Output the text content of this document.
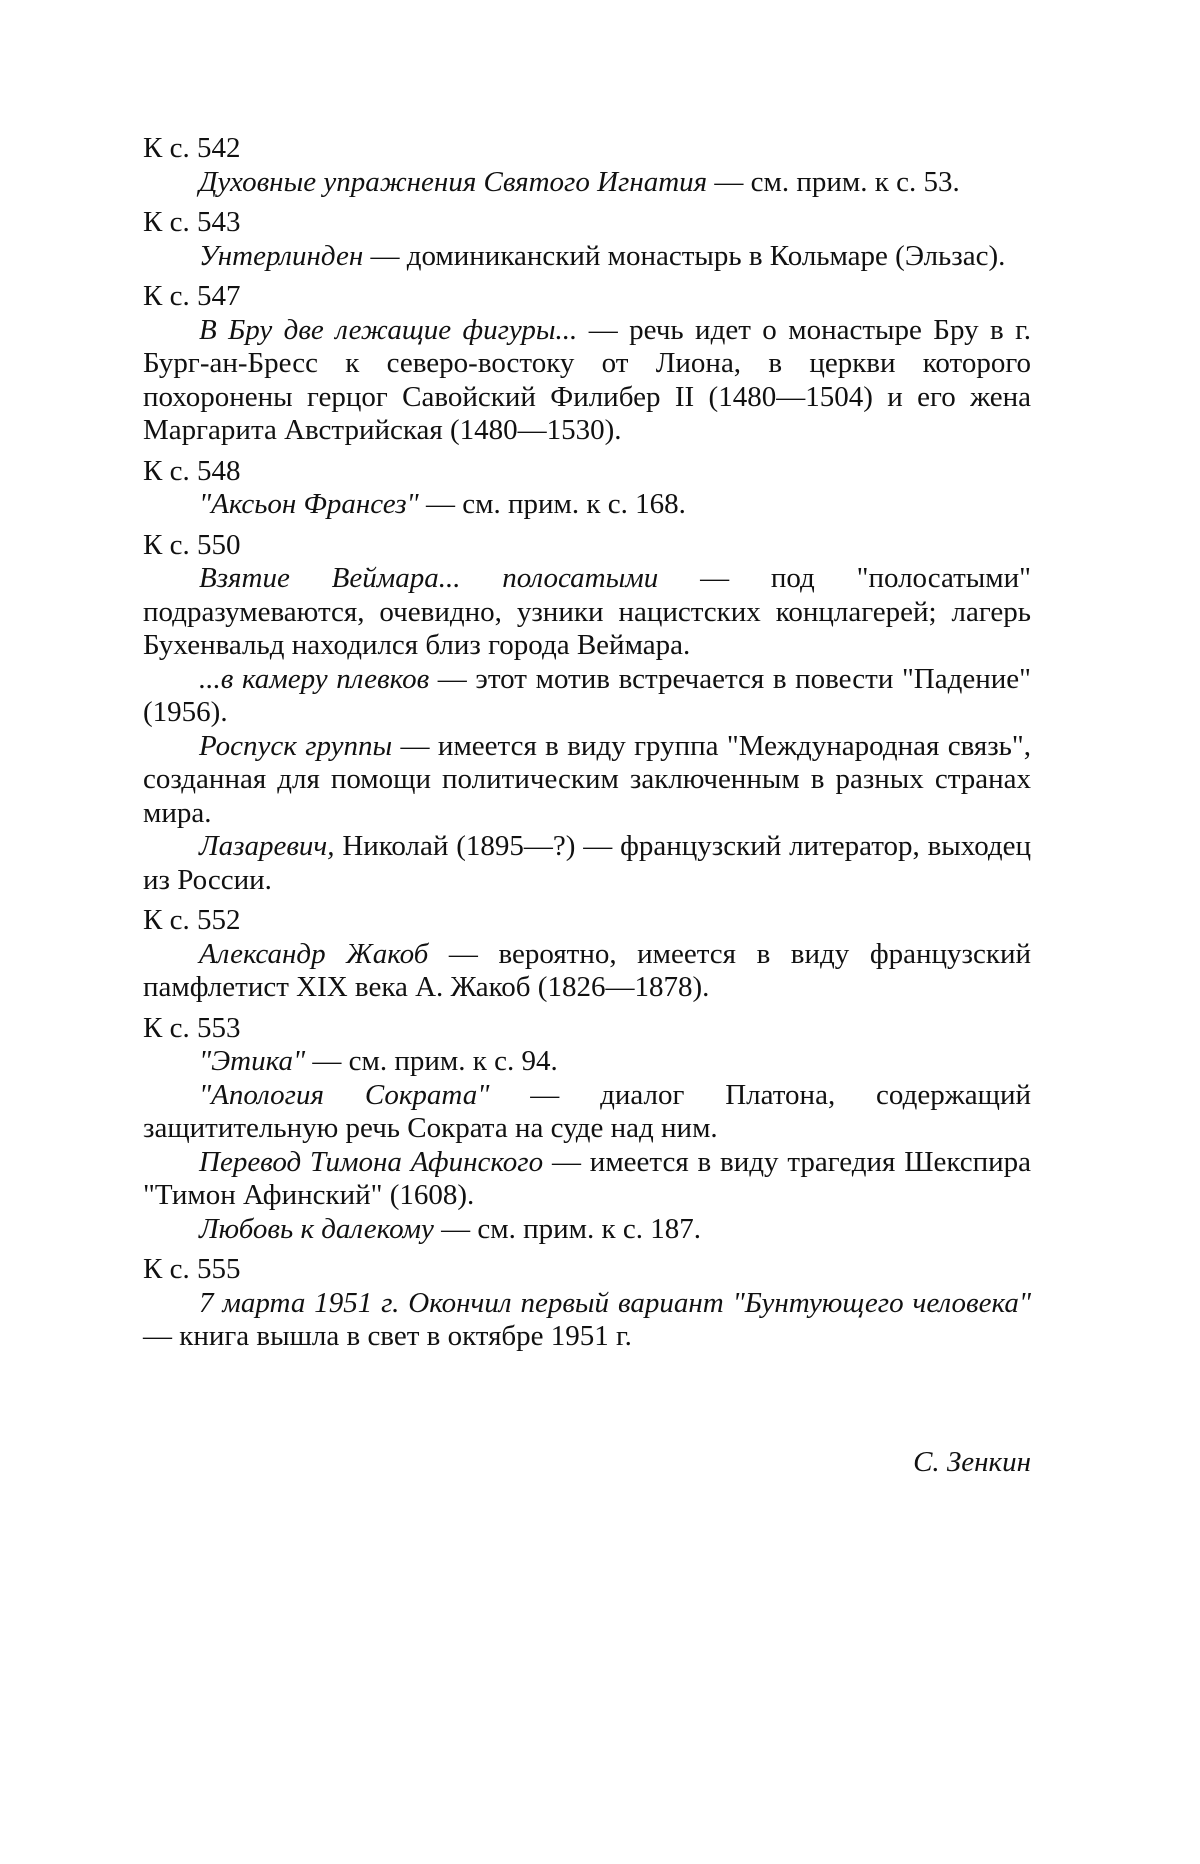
К с. 542

Духовные упражнения Святого Игнатия — см. прим. к с. 53.

К с. 543

Унтерлинден — доминиканский монастырь в Кольмаре (Эльзас).

К с. 547

В Бру две лежащие фигуры... — речь идет о монастыре Бру в г. Бург-ан-Бресс к северо-востоку от Лиона, в церкви которого похоронены герцог Савойский Филибер II (1480—1504) и его жена Маргарита Австрийская (1480—1530).

К с. 548

"Аксьон Франсез" — см. прим. к с. 168.

К с. 550

Взятие Веймара... полосатыми — под "полосатыми" подразумеваются, очевидно, узники нацистских концлагерей; лагерь Бухенвальд находился близ города Веймара.

...в камеру плевков — этот мотив встречается в повести "Падение" (1956).

Роспуск группы — имеется в виду группа "Международная связь", созданная для помощи политическим заключенным в разных странах мира.

Лазаревич, Николай (1895—?) — французский литератор, выходец из России.

К с. 552

Александр Жакоб — вероятно, имеется в виду французский памфлетист XIX века А. Жакоб (1826—1878).

К с. 553

"Этика" — см. прим. к с. 94.

"Апология Сократа" — диалог Платона, содержащий защитительную речь Сократа на суде над ним.

Перевод Тимона Афинского — имеется в виду трагедия Шекспира "Тимон Афинский" (1608).

Любовь к далекому — см. прим. к с. 187.

К с. 555

7 марта 1951 г. Окончил первый вариант "Бунтующего человека" — книга вышла в свет в октябре 1951 г.

С. Зенкин
